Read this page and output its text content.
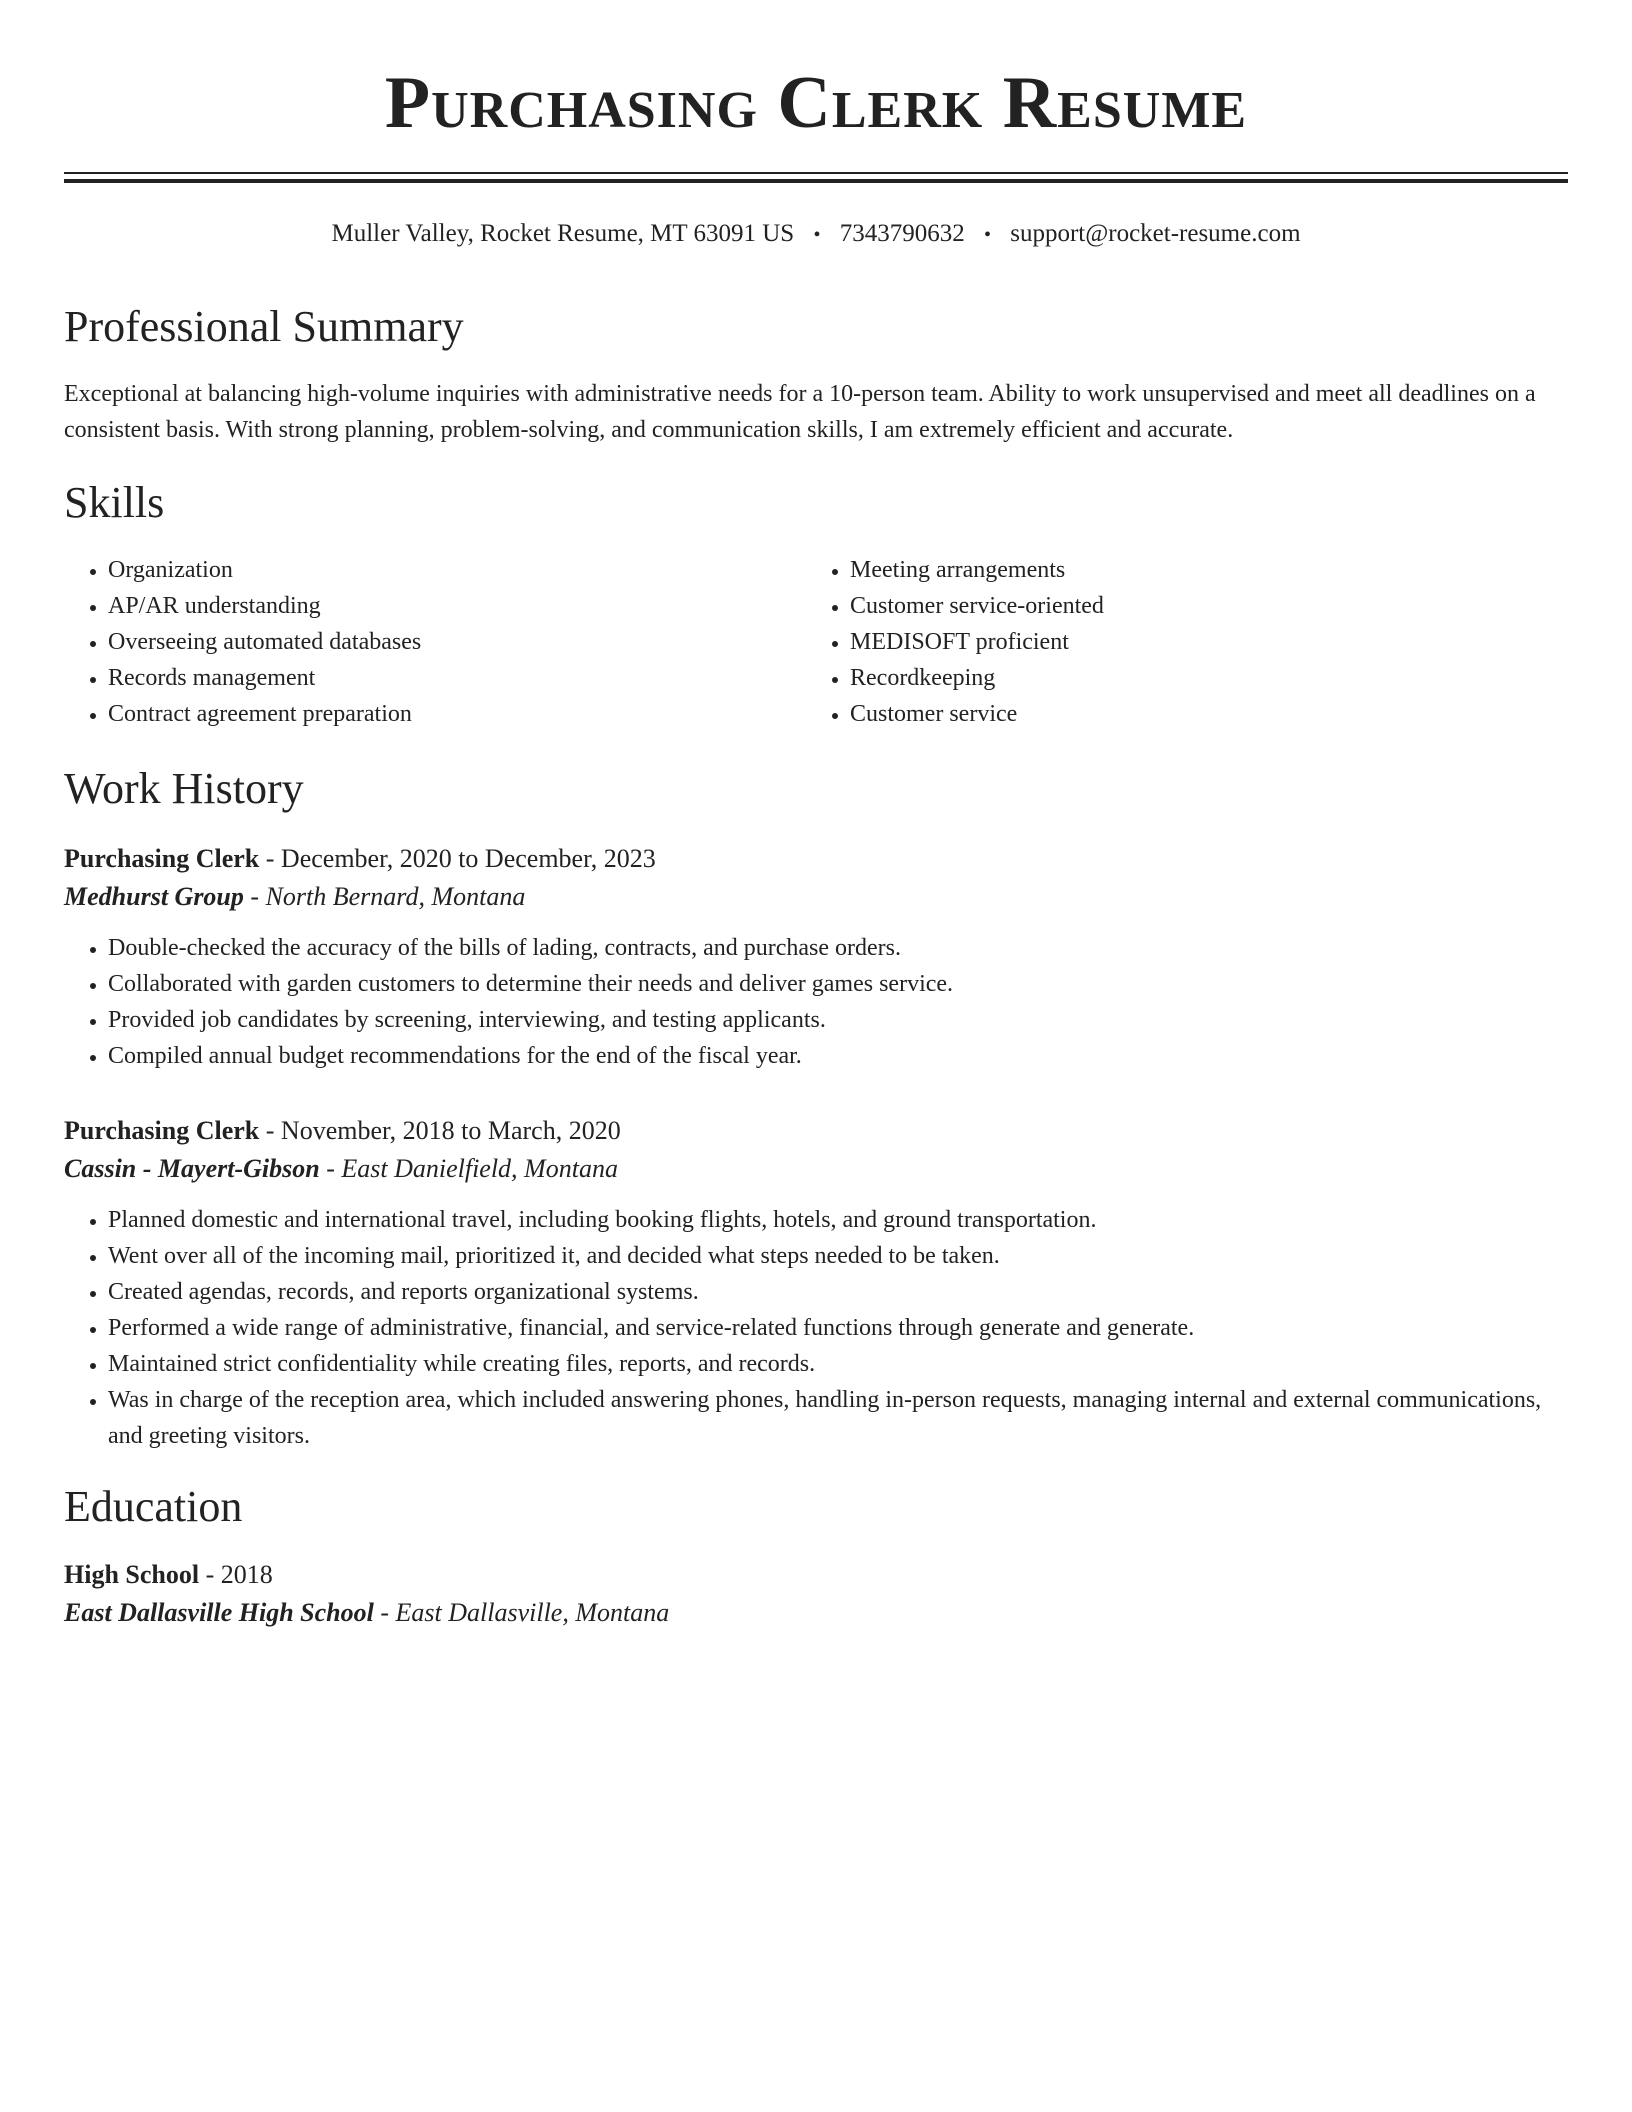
Purchasing Clerk Resume
Muller Valley, Rocket Resume, MT 63091 US • 7343790632 • support@rocket-resume.com
Professional Summary
Exceptional at balancing high-volume inquiries with administrative needs for a 10-person team. Ability to work unsupervised and meet all deadlines on a consistent basis. With strong planning, problem-solving, and communication skills, I am extremely efficient and accurate.
Skills
• Organization
• AP/AR understanding
• Overseeing automated databases
• Records management
• Contract agreement preparation
• Meeting arrangements
• Customer service-oriented
• MEDISOFT proficient
• Recordkeeping
• Customer service
Work History
Purchasing Clerk - December, 2020 to December, 2023
Medhurst Group - North Bernard, Montana
• Double-checked the accuracy of the bills of lading, contracts, and purchase orders.
• Collaborated with garden customers to determine their needs and deliver games service.
• Provided job candidates by screening, interviewing, and testing applicants.
• Compiled annual budget recommendations for the end of the fiscal year.
Purchasing Clerk - November, 2018 to March, 2020
Cassin - Mayert-Gibson - East Danielfield, Montana
• Planned domestic and international travel, including booking flights, hotels, and ground transportation.
• Went over all of the incoming mail, prioritized it, and decided what steps needed to be taken.
• Created agendas, records, and reports organizational systems.
• Performed a wide range of administrative, financial, and service-related functions through generate and generate.
• Maintained strict confidentiality while creating files, reports, and records.
• Was in charge of the reception area, which included answering phones, handling in-person requests, managing internal and external communications, and greeting visitors.
Education
High School - 2018
East Dallasville High School - East Dallasville, Montana
